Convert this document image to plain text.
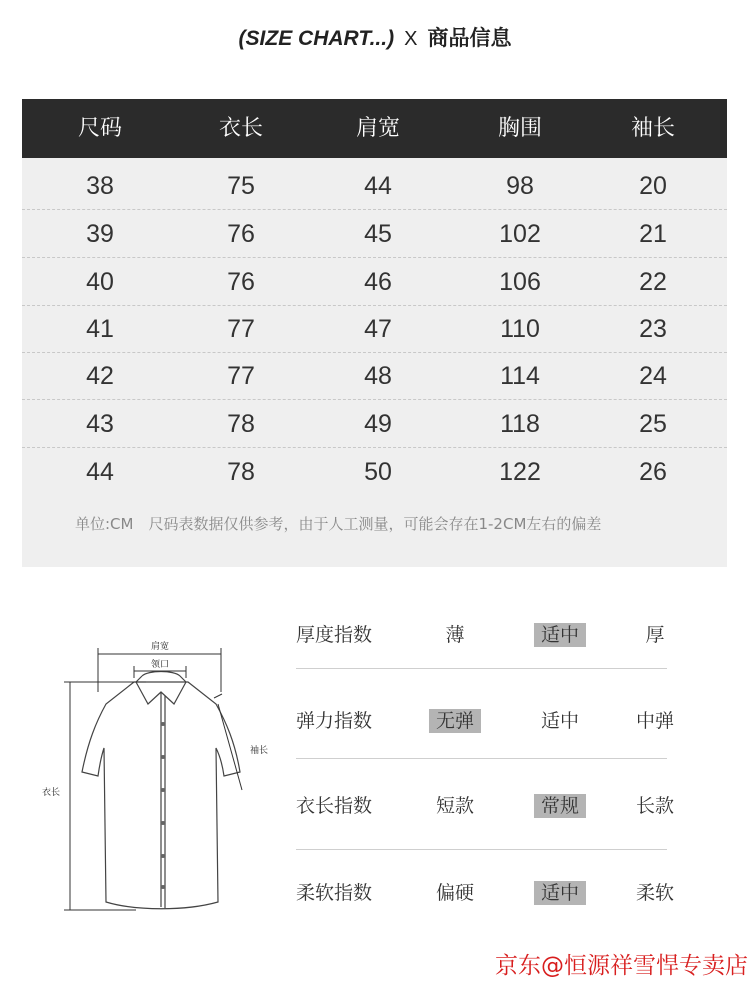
(SIZE CHART...) X 商品信息
尺码	衣长	肩宽	胸围	袖长
38	75	44	98	20
39	76	45	102	21
40	76	46	106	22
41	77	47	110	23
42	77	48	114	24
43	78	49	118	25
44	78	50	122	26
单位:CM　尺码表数据仅供参考，由于人工测量，可能会存在1-2CM左右的偏差
肩宽
领口
袖长
衣长
厚度指数	薄	适中	厚
弹力指数	无弹	适中	中弹
衣长指数	短款	常规	长款
柔软指数	偏硬	适中	柔软
京东@恒源祥雪悍专卖店
